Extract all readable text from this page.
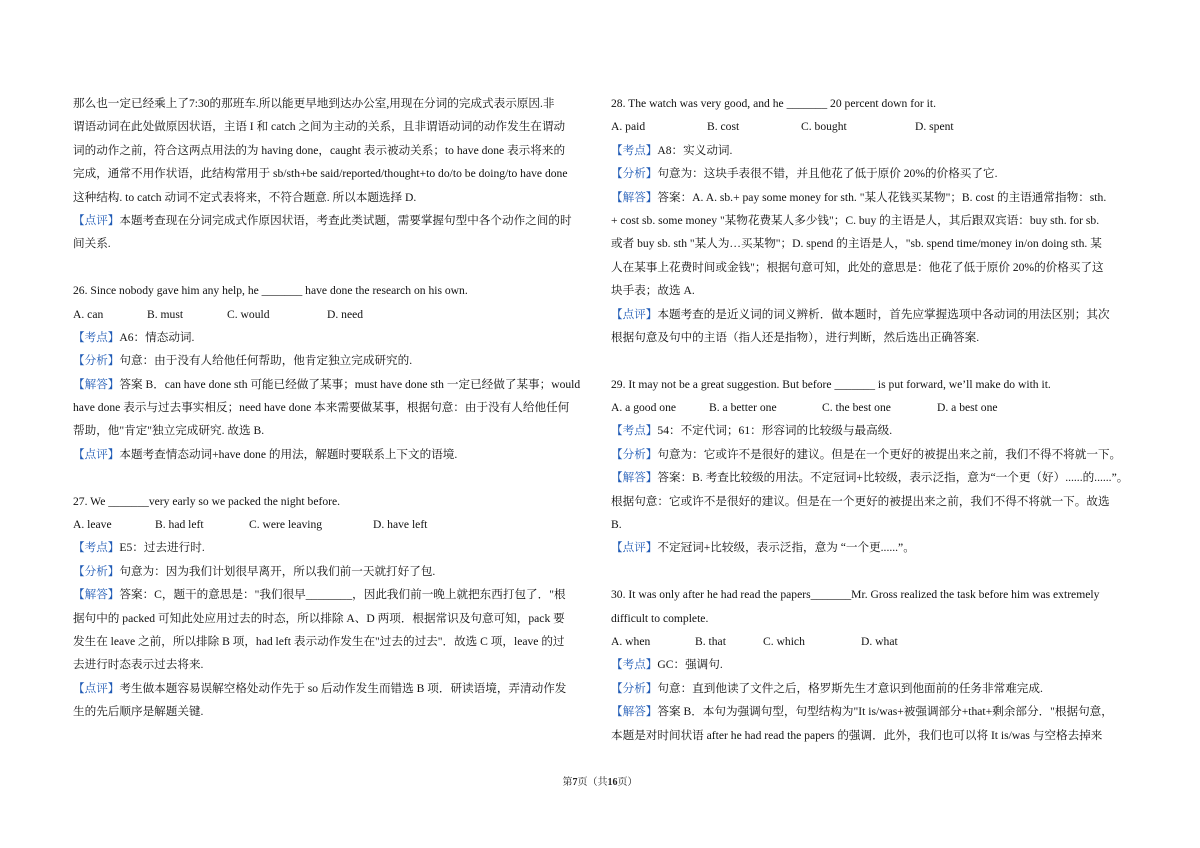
那么也一定已经乘上了7:30的那班车.所以能更早地到达办公室,用现在分词的完成式表示原因.非
谓语动词在此处做原因状语，主语 I 和 catch 之间为主动的关系，且非谓语动词的动作发生在谓动
词的动作之前，符合这两点用法的为 having done，caught 表示被动关系；to have done 表示将来的
完成，通常不用作状语，此结构常用于 sb/sth+be said/reported/thought+to do/to be doing/to have done
这种结构. to catch 动词不定式表将来，不符合题意. 所以本题选择 D.
【点评】本题考查现在分词完成式作原因状语，考查此类试题，需要掌握句型中各个动作之间的时
间关系.
26. Since nobody gave him any help, he _______ have done the research on his own.
A. can	B. must	C. would	D. need
【考点】A6：情态动词.
【分析】句意：由于没有人给他任何帮助，他肯定独立完成研究的.
【解答】答案 B．can have done sth 可能已经做了某事；must have done sth 一定已经做了某事；would
have done 表示与过去事实相反；need have done 本来需要做某事，根据句意：由于没有人给他任何
帮助，他"肯定"独立完成研究. 故选 B.
【点评】本题考查情态动词+have done 的用法，解题时要联系上下文的语境.
27. We _______very early so we packed the night before.
A. leave	B. had left	C. were leaving	D. have left
【考点】E5：过去进行时.
【分析】句意为：因为我们计划很早离开，所以我们前一天就打好了包.
【解答】答案：C，题干的意思是："我们很早________，因此我们前一晚上就把东西打包了．"根
据句中的 packed 可知此处应用过去的时态，所以排除 A、D 两项．根据常识及句意可知，pack 要
发生在 leave 之前，所以排除 B 项，had left 表示动作发生在"过去的过去"．故选 C 项，leave 的过
去进行时态表示过去将来.
【点评】考生做本题容易误解空格处动作先于 so 后动作发生而错选 B 项．研读语境，弄清动作发
生的先后顺序是解题关键.
28. The watch was very good, and he _______ 20 percent down for it.
A. paid	B. cost	C. bought	D. spent
【考点】A8：实义动词.
【分析】句意为：这块手表很不错，并且他花了低于原价 20%的价格买了它.
【解答】答案：A. A. sb.+ pay some money for sth. "某人花钱买某物"；B. cost 的主语通常指物：sth.
+ cost sb. some money "某物花费某人多少钱"；C. buy 的主语是人，其后跟双宾语：buy sth. for sb.
或者 buy sb. sth "某人为…买某物"；D. spend 的主语是人，"sb. spend time/money in/on doing sth. 某
人在某事上花费时间或金钱"；根据句意可知，此处的意思是：他花了低于原价 20%的价格买了这
块手表；故选 A.
【点评】本题考查的是近义词的词义辨析．做本题时，首先应掌握选项中各动词的用法区别；其次
根据句意及句中的主语（指人还是指物），进行判断，然后选出正确答案.
29. It may not be a great suggestion. But before _______ is put forward, we’ll make do with it.
A. a good one	B. a better one	C. the best one	D. a best one
【考点】54：不定代词；61：形容词的比较级与最高级.
【分析】句意为：它或许不是很好的建议。但是在一个更好的被提出来之前，我们不得不将就一下。
【解答】答案：B. 考查比较级的用法。不定冠词+比较级，表示泛指，意为“一个更（好）......的......”。
根据句意：它或许不是很好的建议。但是在一个更好的被提出来之前，我们不得不将就一下。故选
B.
【点评】不定冠词+比较级，表示泛指，意为 “一个更......”。
30. It was only after he had read the papers_______Mr. Gross realized the task before him was extremely
difficult to complete.
A. when	B. that	C. which	D. what
【考点】GC：强调句.
【分析】句意：直到他读了文件之后，格罗斯先生才意识到他面前的任务非常难完成.
【解答】答案 B．本句为强调句型，句型结构为"It is/was+被强调部分+that+剩余部分．"根据句意，
本题是对时间状语 after he had read the papers 的强调．此外，我们也可以将 It is/was 与空格去掉来
第7页（共16页）
